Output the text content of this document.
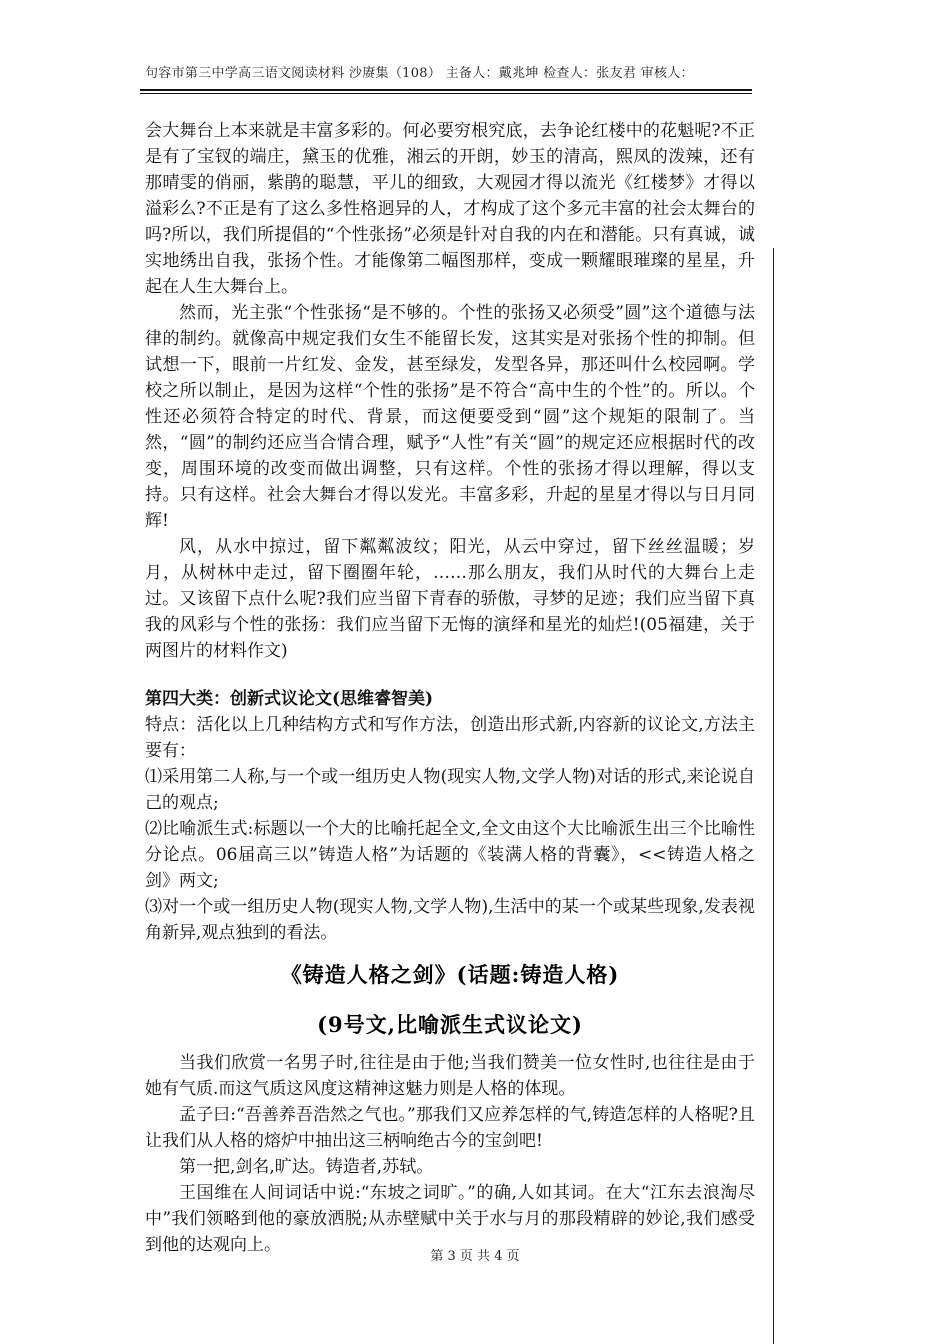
句容市第三中学高三语文阅读材料 沙赓集（108） 主备人：戴兆坤 检查人：张友君 审核人：

会大舞台上本来就是丰富多彩的。何必要穷根究底，去争论红楼中的花魁呢?不正是有了宝钗的端庄，黛玉的优雅，湘云的开朗，妙玉的清高，熙凤的泼辣，还有那晴雯的俏丽，紫鹃的聪慧，平儿的细致，大观园才得以流光《红楼梦》才得以溢彩么?不正是有了这么多性格迥异的人，才构成了这个多元丰富的社会太舞台的吗?所以，我们所提倡的“个性张扬”必须是针对自我的内在和潜能。只有真诚，诚实地绣出自我，张扬个性。才能像第二幅图那样，变成一颗耀眼璀璨的星星，升起在人生大舞台上。

然而，光主张“个性张扬“是不够的。个性的张扬又必须受”圆”这个道德与法律的制约。就像高中规定我们女生不能留长发，这其实是对张扬个性的抑制。但试想一下，眼前一片红发、金发，甚至绿发，发型各异，那还叫什么校园啊。学校之所以制止，是因为这样“个性的张扬”是不符合“高中生的个性”的。所以。个性还必须符合特定的时代、背景，而这便要受到“圆”这个规矩的限制了。当然，“圆”的制约还应当合情合理，赋予“人性”有关“圆”的规定还应根据时代的改变，周围环境的改变而做出调整，只有这样。个性的张扬才得以理解，得以支持。只有这样。社会大舞台才得以发光。丰富多彩，升起的星星才得以与日月同辉!

风，从水中掠过，留下粼粼波纹；阳光，从云中穿过，留下丝丝温暖；岁月，从树林中走过，留下圈圈年轮，……那么朋友，我们从时代的大舞台上走过。又该留下点什么呢?我们应当留下青春的骄傲，寻梦的足迹；我们应当留下真我的风彩与个性的张扬：我们应当留下无悔的演绎和星光的灿烂!(05福建，关于两图片的材料作文)

第四大类：创新式议论文(思维睿智美)

特点：活化以上几种结构方式和写作方法，创造出形式新,内容新的议论文,方法主要有：

⑴采用第二人称,与一个或一组历史人物(现实人物,文学人物)对话的形式,来论说自己的观点;

⑵比喻派生式:标题以一个大的比喻托起全文,全文由这个大比喻派生出三个比喻性分论点。06届高三以”铸造人格”为话题的《装满人格的背囊》，<<铸造人格之剑》两文;

⑶对一个或一组历史人物(现实人物,文学人物),生活中的某一个或某些现象,发表视角新异,观点独到的看法。

《铸造人格之剑》(话题:铸造人格)

(9号文,比喻派生式议论文)

当我们欣赏一名男子时,往往是由于他;当我们赞美一位女性时,也往往是由于她有气质.而这气质这风度这精神这魅力则是人格的体现。

孟子曰:“吾善养吾浩然之气也。”那我们又应养怎样的气,铸造怎样的人格呢?且让我们从人格的熔炉中抽出这三柄响绝古今的宝剑吧!

第一把,剑名,旷达。铸造者,苏轼。

王国维在人间词话中说:“东坡之词旷。”的确,人如其词。在大“江东去浪淘尽中”我们领略到他的豪放洒脱;从赤壁赋中关于水与月的那段精辟的妙论,我们感受到他的达观向上。

第 3 页 共 4 页
